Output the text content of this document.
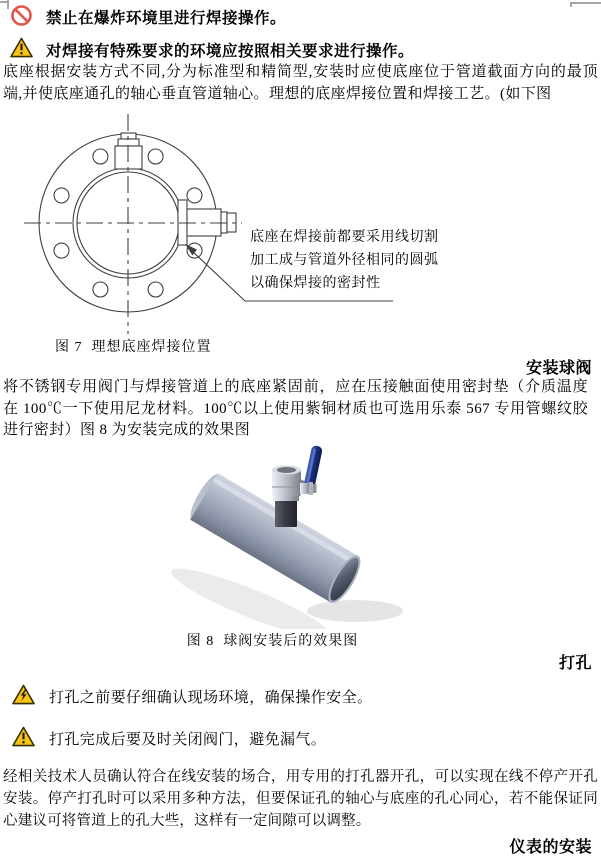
禁止在爆炸环境里进行焊接操作。
对焊接有特殊要求的环境应按照相关要求进行操作。
底座根据安装方式不同,分为标准型和精简型,安装时应使底座位于管道截面方向的最顶端,并使底座通孔的轴心垂直管道轴心。理想的底座焊接位置和焊接工艺。(如下图
底座在焊接前都要采用线切割
加工成与管道外径相同的圆弧
以确保焊接的密封性
图 7  理想底座焊接位置
安装球阀
将不锈钢专用阀门与焊接管道上的底座紧固前，应在压接触面使用密封垫（介质温度在 100℃一下使用尼龙材料。100℃以上使用紫铜材质也可选用乐泰 567 专用管螺纹胶进行密封）图 8 为安装完成的效果图
图 8  球阀安装后的效果图
打孔
打孔之前要仔细确认现场环境，确保操作安全。
打孔完成后要及时关闭阀门，避免漏气。
经相关技术人员确认符合在线安装的场合，用专用的打孔器开孔，可以实现在线不停产开孔安装。停产打孔时可以采用多种方法，但要保证孔的轴心与底座的孔心同心，若不能保证同心建议可将管道上的孔大些，这样有一定间隙可以调整。
仪表的安装
